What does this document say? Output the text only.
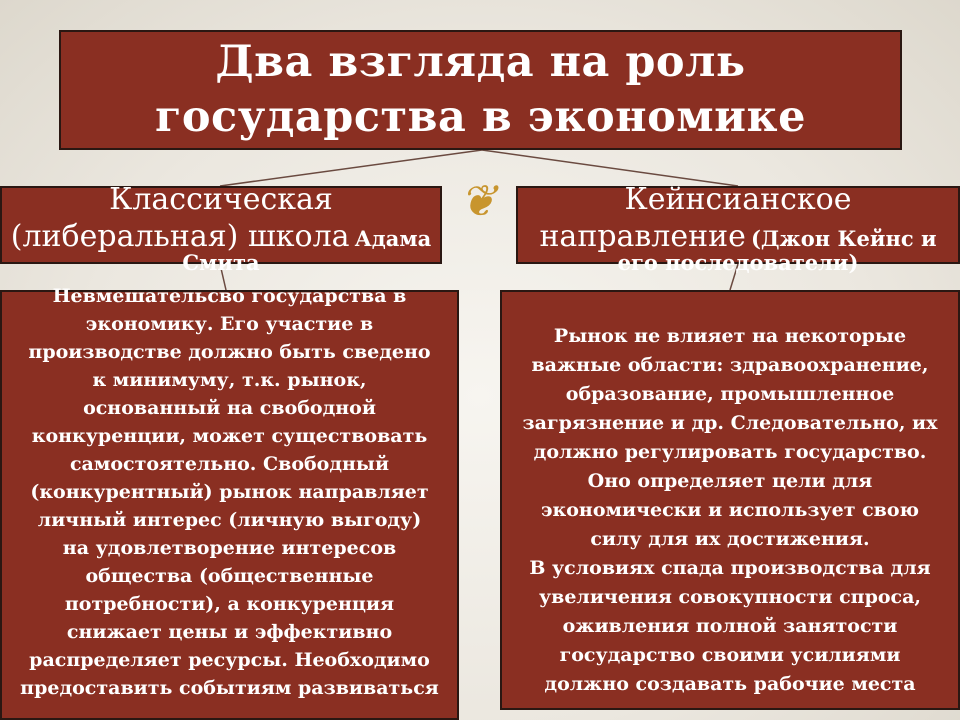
Два взгляда на роль государства в экономике
❦
Классическая
(либеральная) школа Адама
Смита
Кейнсианское
направление (Джон Кейнс и
его последователи)
Невмешательсво государства в
экономику. Его участие в
производстве должно быть сведено
к минимуму, т.к. рынок,
основанный на свободной
конкуренции, может существовать
самостоятельно. Свободный
(конкурентный) рынок направляет
личный интерес (личную выгоду)
на удовлетворение интересов
общества (общественные
потребности), а конкуренция
снижает цены и эффективно
распределяет ресурсы. Необходимо
предоставить событиям развиваться
Рынок не влияет на некоторые
важные области: здравоохранение,
образование, промышленное
загрязнение и др. Следовательно, их
должно регулировать государство.
Оно определяет цели для
экономически и использует свою
силу для их достижения.
В условиях спада производства для
увеличения совокупности спроса,
оживления полной занятости
государство своими усилиями
должно создавать рабочие места
